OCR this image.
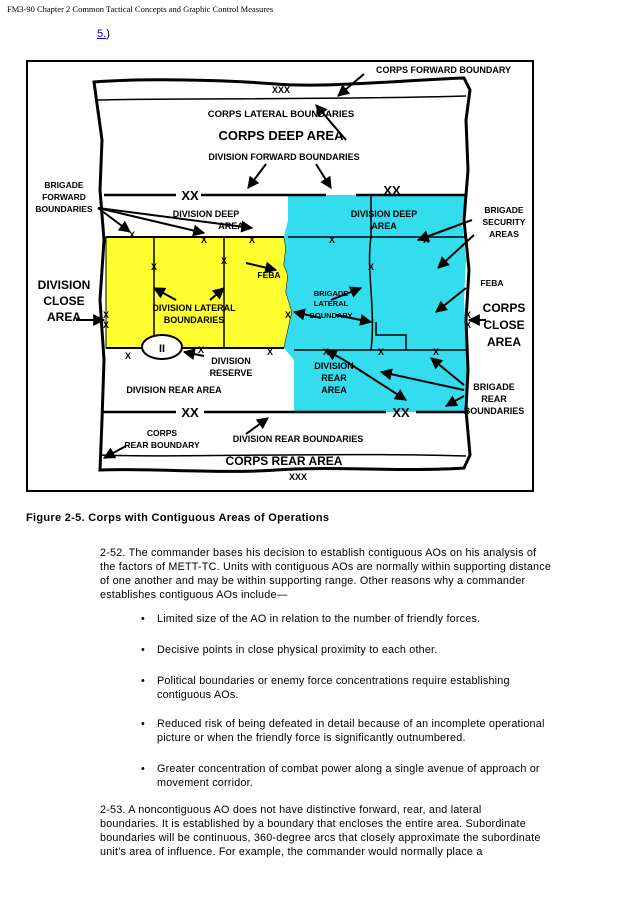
FM3-90 Chapter 2 Common Tactical Concepts and Graphic Control Measures
5.)
II
XXX
CORPS FORWARD BOUNDARY
CORPS LATERAL BOUNDARIES
CORPS DEEP AREA
DIVISION FORWARD BOUNDARIES
BRIGADE
FORWARD
BOUNDARIES
XX	XX
DIVISION DEEP
AREA
DIVISION DEEP
AREA
BRIGADE
SECURITY
AREAS
DIVISION
CLOSE
AREA
FEBA
FEBA
BRIGADE
LATERAL
BOUNDARY
CORPS
CLOSE
AREA
DIVISION LATERAL
BOUNDARIES
DIVISION
RESERVE
DIVISION REAR AREA
DIVISION
REAR
AREA	BRIGADE
REAR
BOUNDARIES
XX	XX
CORPS
REAR BOUNDARY
DIVISION REAR BOUNDARIES
CORPS REAR AREA
XXX
X	X	X
X
X
X
X	X
X	X
X
X	X	X
X
X
X	X
X
Figure 2-5. Corps with Contiguous Areas of Operations
2-52. The commander bases his decision to establish contiguous AOs on his analysis of
the factors of METT-TC. Units with contiguous AOs are normally within supporting distance
of one another and may be within supporting range. Other reasons why a commander
establishes contiguous AOs include—
• Limited size of the AO in relation to the number of friendly forces.
• Decisive points in close physical proximity to each other.
• Political boundaries or enemy force concentrations require establishing
contiguous AOs.
• Reduced risk of being defeated in detail because of an incomplete operational
picture or when the friendly force is significantly outnumbered.
• Greater concentration of combat power along a single avenue of approach or
movement corridor.
2-53. A noncontiguous AO does not have distinctive forward, rear, and lateral
boundaries. It is established by a boundary that encloses the entire area. Subordinate
boundaries will be continuous, 360-degree arcs that closely approximate the subordinate
unit's area of influence. For example, the commander would normally place a
